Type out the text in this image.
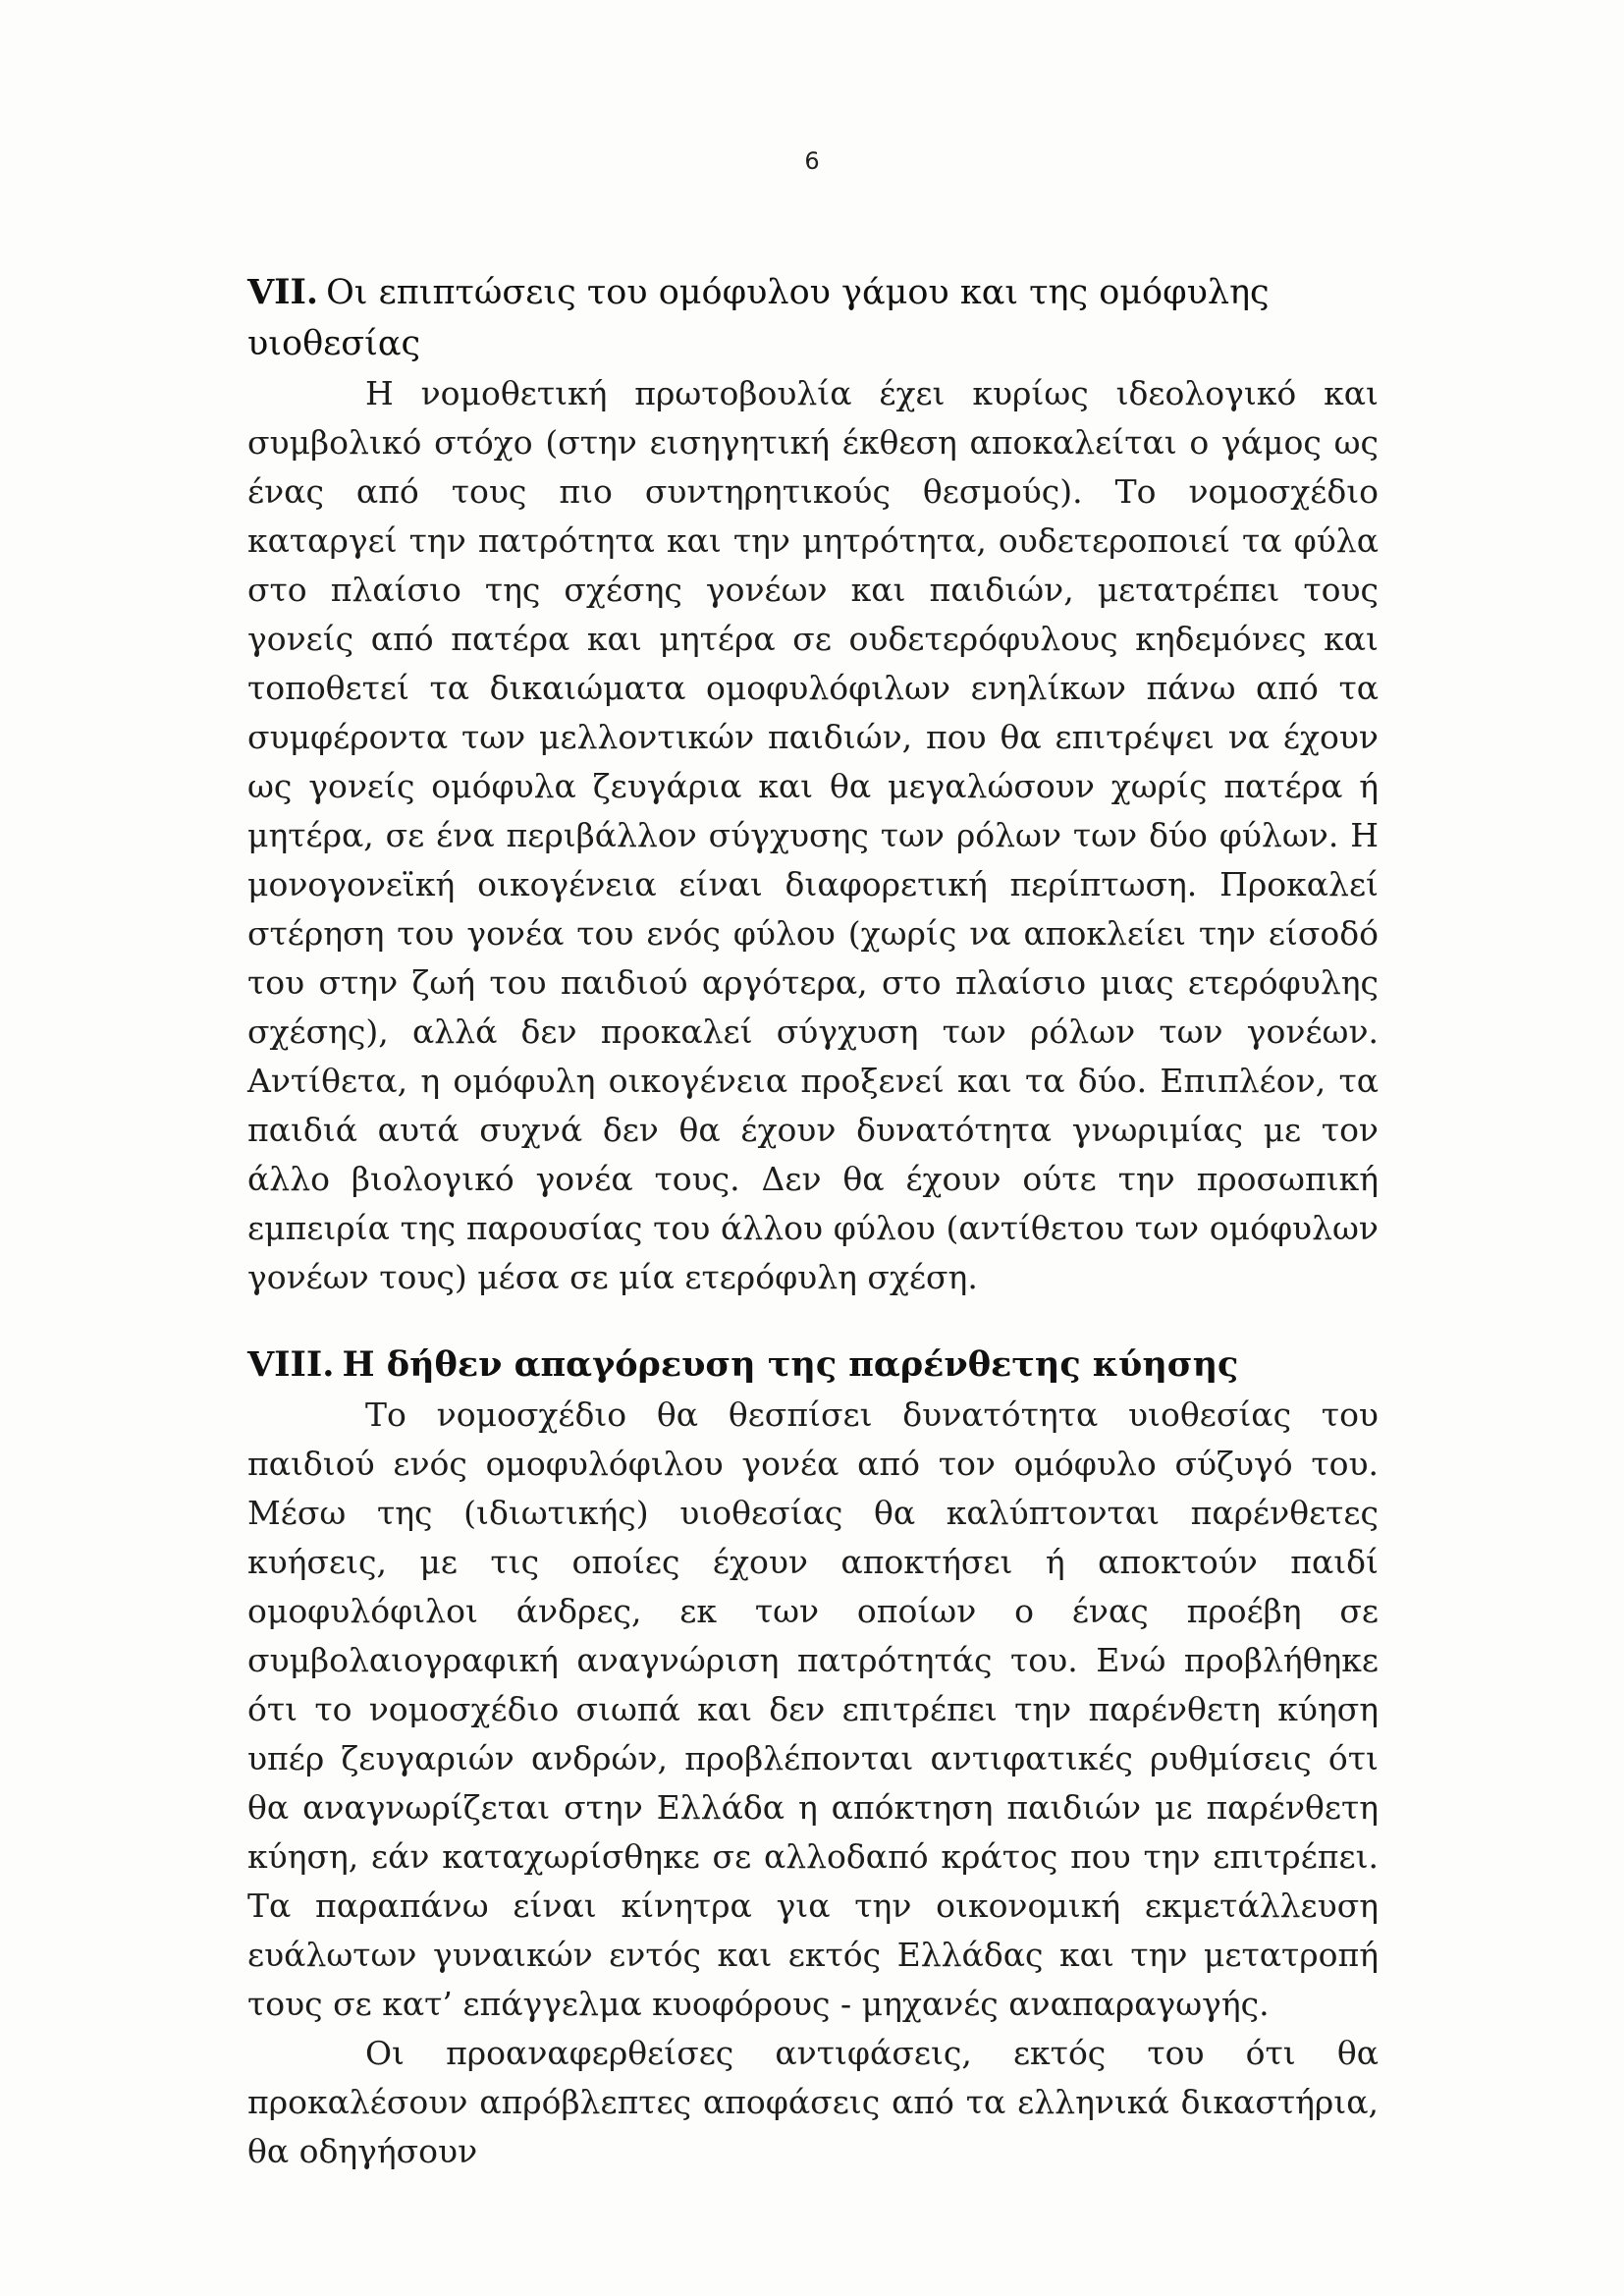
6
VII. Οι επιπτώσεις του ομόφυλου γάμου και της ομόφυλης υιοθεσίας

Η νομοθετική πρωτοβουλία έχει κυρίως ιδεολογικό και συμβολικό στόχο (στην εισηγητική έκθεση αποκαλείται ο γάμος ως ένας από τους πιο συντηρητικούς θεσμούς). Το νομοσχέδιο καταργεί την πατρότητα και την μητρότητα, ουδετεροποιεί τα φύλα στο πλαίσιο της σχέσης γονέων και παιδιών, μετατρέπει τους γονείς από πατέρα και μητέρα σε ουδετερόφυλους κηδεμόνες και τοποθετεί τα δικαιώματα ομοφυλόφιλων ενηλίκων πάνω από τα συμφέροντα των μελλοντικών παιδιών, που θα επιτρέψει να έχουν ως γονείς ομόφυλα ζευγάρια και θα μεγαλώσουν χωρίς πατέρα ή μητέρα, σε ένα περιβάλλον σύγχυσης των ρόλων των δύο φύλων. Η μονογονεϊκή οικογένεια είναι διαφορετική περίπτωση. Προκαλεί στέρηση του γονέα του ενός φύλου (χωρίς να αποκλείει την είσοδό του στην ζωή του παιδιού αργότερα, στο πλαίσιο μιας ετερόφυλης σχέσης), αλλά δεν προκαλεί σύγχυση των ρόλων των γονέων. Αντίθετα, η ομόφυλη οικογένεια προξενεί και τα δύο. Επιπλέον, τα παιδιά αυτά συχνά δεν θα έχουν δυνατότητα γνωριμίας με τον άλλο βιολογικό γονέα τους. Δεν θα έχουν ούτε την προσωπική εμπειρία της παρουσίας του άλλου φύλου (αντίθετου των ομόφυλων γονέων τους) μέσα σε μία ετερόφυλη σχέση.

VIII. Η δήθεν απαγόρευση της παρένθετης κύησης

Το νομοσχέδιο θα θεσπίσει δυνατότητα υιοθεσίας του παιδιού ενός ομοφυλόφιλου γονέα από τον ομόφυλο σύζυγό του. Μέσω της (ιδιωτικής) υιοθεσίας θα καλύπτονται παρένθετες κυήσεις, με τις οποίες έχουν αποκτήσει ή αποκτούν παιδί ομοφυλόφιλοι άνδρες, εκ των οποίων ο ένας προέβη σε συμβολαιογραφική αναγνώριση πατρότητάς του. Ενώ προβλήθηκε ότι το νομοσχέδιο σιωπά και δεν επιτρέπει την παρένθετη κύηση υπέρ ζευγαριών ανδρών, προβλέπονται αντιφατικές ρυθμίσεις ότι θα αναγνωρίζεται στην Ελλάδα η απόκτηση παιδιών με παρένθετη κύηση, εάν καταχωρίσθηκε σε αλλοδαπό κράτος που την επιτρέπει. Τα παραπάνω είναι κίνητρα για την οικονομική εκμετάλλευση ευάλωτων γυναικών εντός και εκτός Ελλάδας και την μετατροπή τους σε κατ’ επάγγελμα κυοφόρους - μηχανές αναπαραγωγής.

Οι προαναφερθείσες αντιφάσεις, εκτός του ότι θα προκαλέσουν απρόβλεπτες αποφάσεις από τα ελληνικά δικαστήρια, θα οδηγήσουν
